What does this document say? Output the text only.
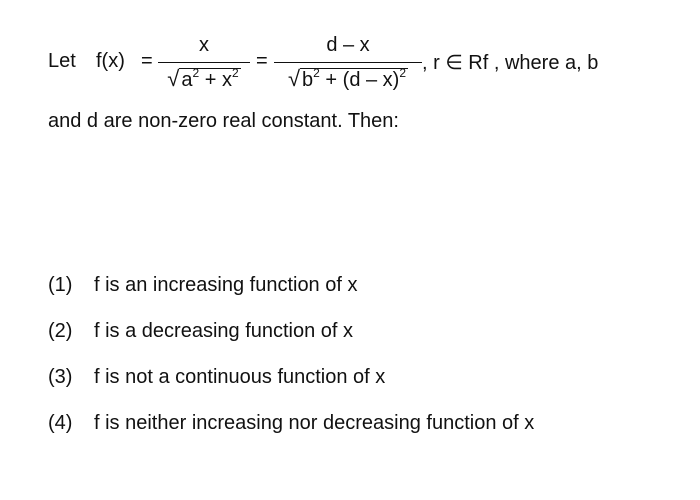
Let f(x) =
x
√ $a^2 + x^2$
=
d – x
√ $b^2 + (d - x)^2$ , r ∈ Rf , where a, b
and d are non-zero real constant. Then:
(1) f is an increasing function of x
(2) f is a decreasing function of x
(3) f is not a continuous function of x
(4) f is neither increasing nor decreasing function of x
